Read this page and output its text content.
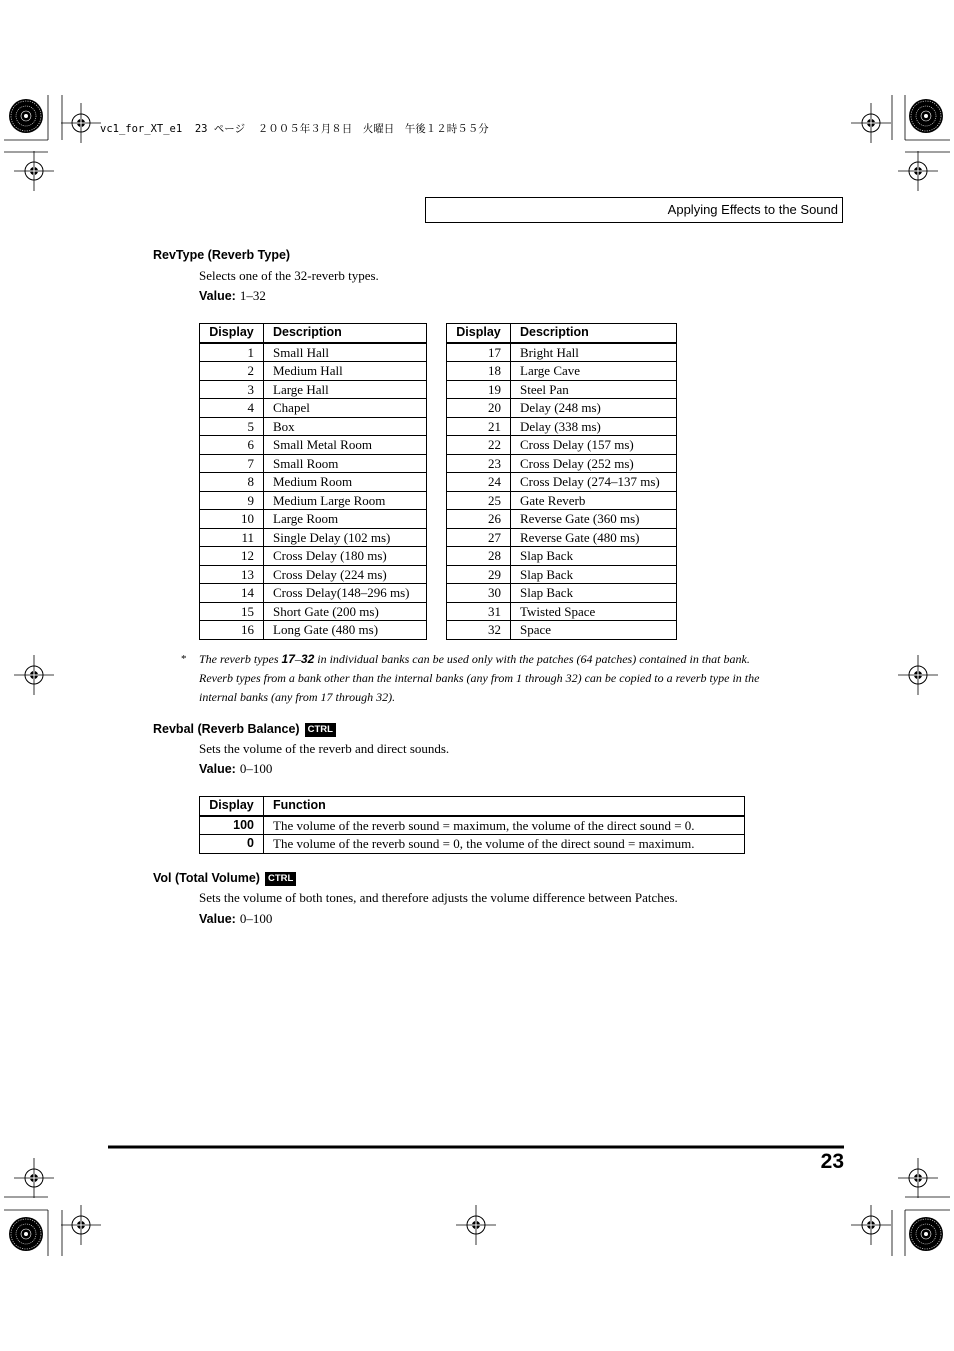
vc1_for_XT_e1  23 ページ  ２００５年３月８日　火曜日　午後１２時５５分
Applying Effects to the Sound
RevType (Reverb Type)
Selects one of the 32-reverb types.
Value: 1–32
Display	Description
1	Small Hall
2	Medium Hall
3	Large Hall
4	Chapel
5	Box
6	Small Metal Room
7	Small Room
8	Medium Room
9	Medium Large Room
10	Large Room
11	Single Delay (102 ms)
12	Cross Delay (180 ms)
13	Cross Delay (224 ms)
14	Cross Delay(148–296 ms)
15	Short Gate (200 ms)
16	Long Gate (480 ms)
Display	Description
17	Bright Hall
18	Large Cave
19	Steel Pan
20	Delay (248 ms)
21	Delay (338 ms)
22	Cross Delay (157 ms)
23	Cross Delay (252 ms)
24	Cross Delay (274–137 ms)
25	Gate Reverb
26	Reverse Gate (360 ms)
27	Reverse Gate (480 ms)
28	Slap Back
29	Slap Back
30	Slap Back
31	Twisted Space
32	Space
* The reverb types 17–32 in individual banks can be used only with the patches (64 patches) contained in that bank.
Reverb types from a bank other than the internal banks (any from 1 through 32) can be copied to a reverb type in the
internal banks (any from 17 through 32).
Revbal (Reverb Balance) CTRL
Sets the volume of the reverb and direct sounds.
Value: 0–100
Display	Function
100	The volume of the reverb sound = maximum, the volume of the direct sound = 0.
0	The volume of the reverb sound = 0, the volume of the direct sound = maximum.
Vol (Total Volume) CTRL
Sets the volume of both tones, and therefore adjusts the volume difference between Patches.
Value: 0–100
23
